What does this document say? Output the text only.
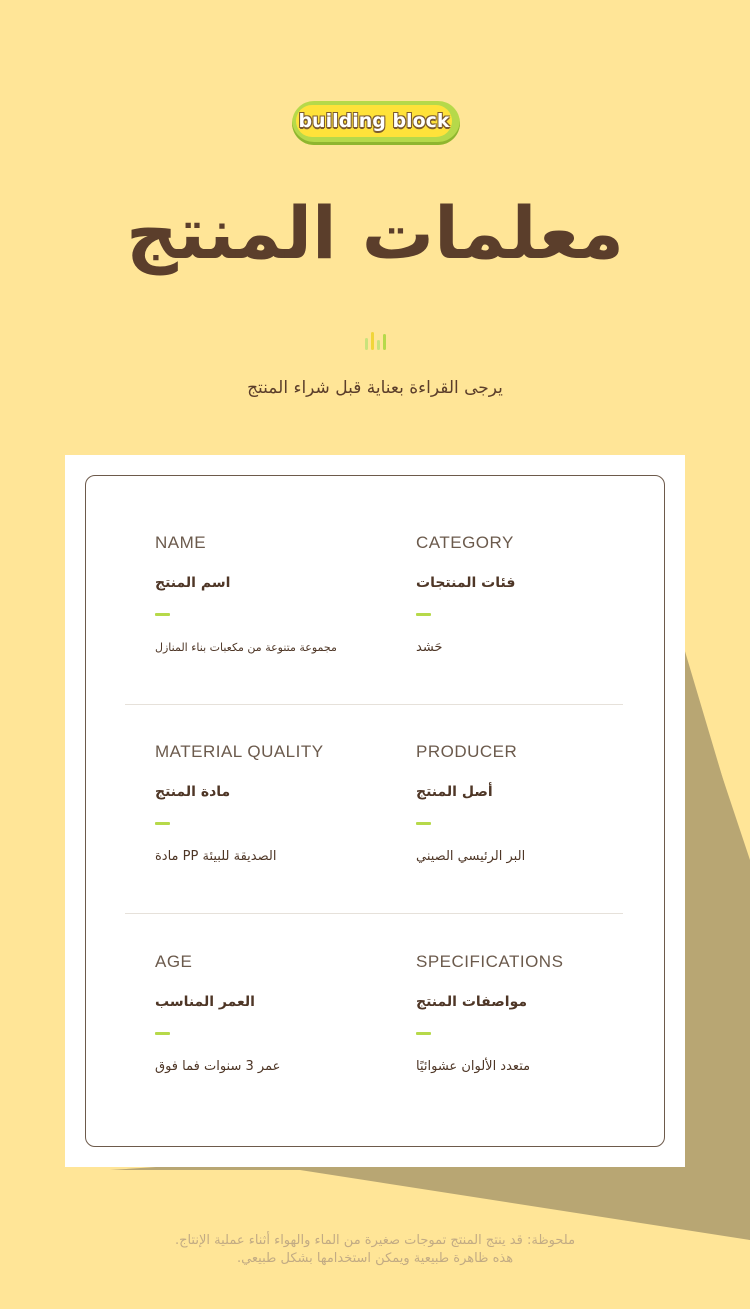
building block
معلمات المنتج
يرجى القراءة بعناية قبل شراء المنتج
NAME
اسم المنتج
مجموعة متنوعة من مكعبات بناء المنازل
CATEGORY
فئات المنتجات
حَشد
MATERIAL QUALITY
مادة المنتج
مادة PP الصديقة للبيئة
PRODUCER
أصل المنتج
البر الرئيسي الصيني
AGE
العمر المناسب
عمر 3 سنوات فما فوق
SPECIFICATIONS
مواصفات المنتج
متعدد الألوان عشوائيًا
ملحوظة: قد ينتج المنتج تموجات صغيرة من الماء والهواء أثناء عملية الإنتاج.
هذه ظاهرة طبيعية ويمكن استخدامها بشكل طبيعي.
